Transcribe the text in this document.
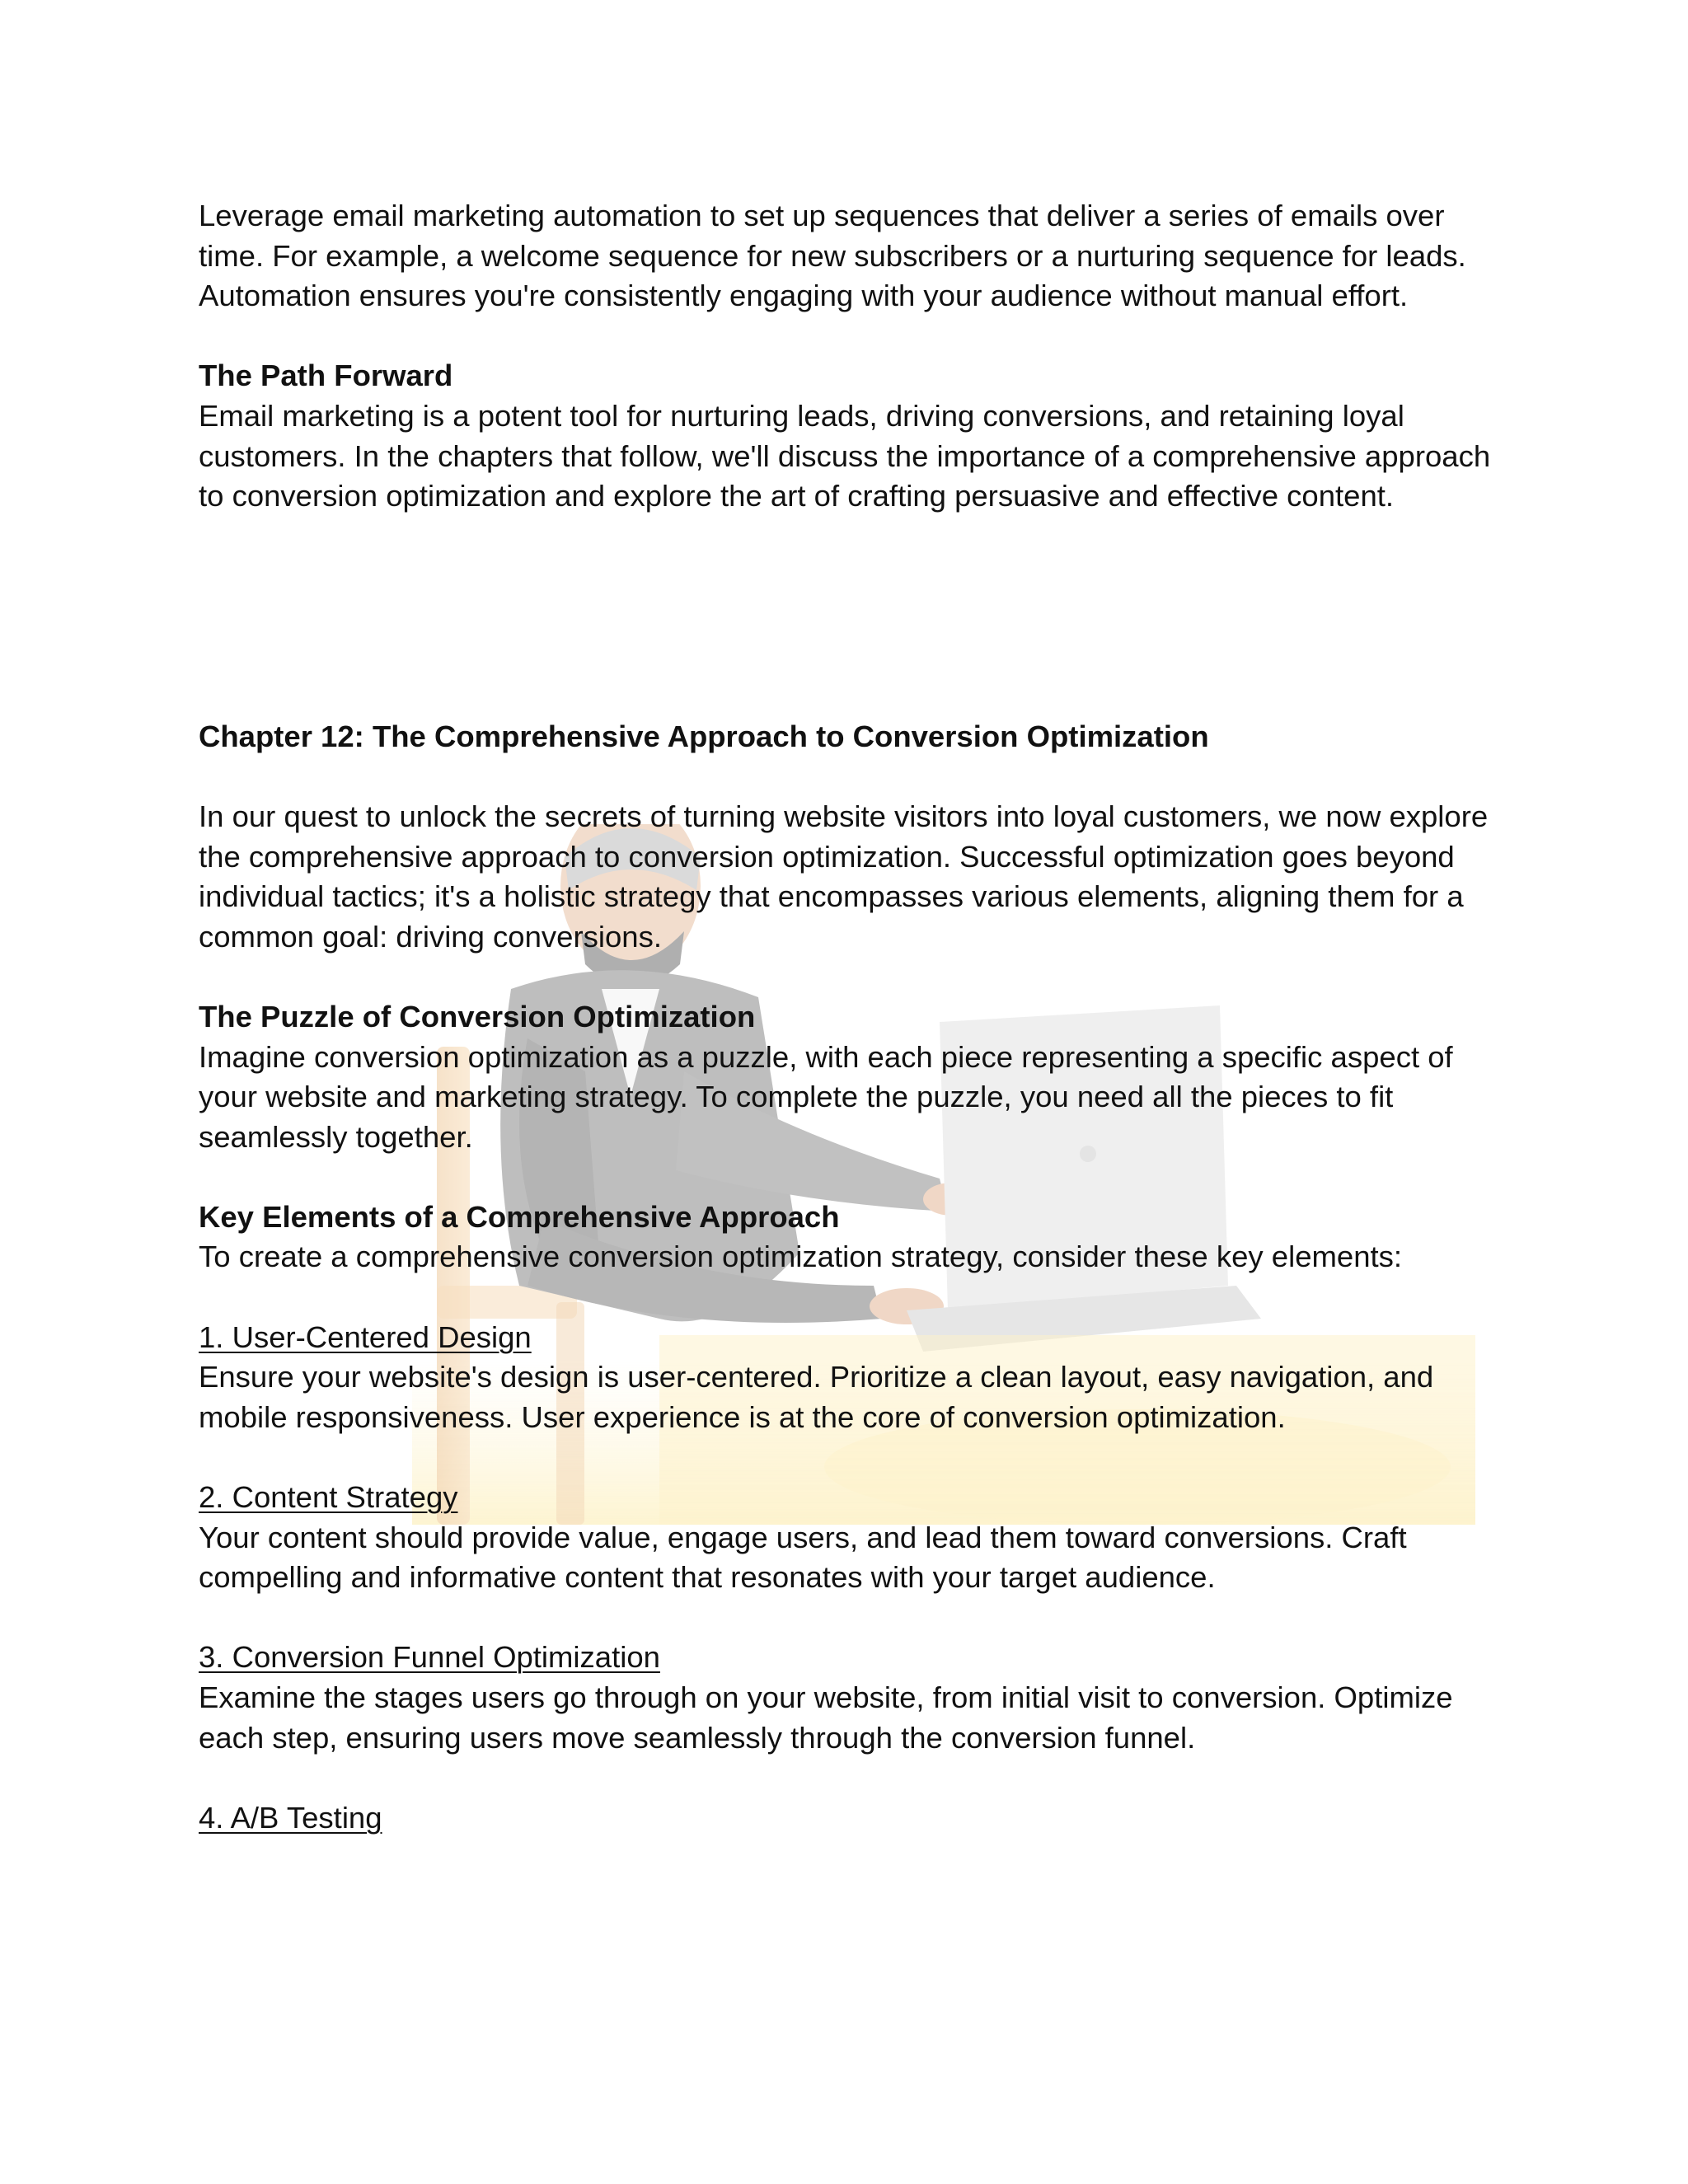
Leverage email marketing automation to set up sequences that deliver a series of emails over time. For example, a welcome sequence for new subscribers or a nurturing sequence for leads. Automation ensures you're consistently engaging with your audience without manual effort.

The Path Forward

Email marketing is a potent tool for nurturing leads, driving conversions, and retaining loyal customers. In the chapters that follow, we'll discuss the importance of a comprehensive approach to conversion optimization and explore the art of crafting persuasive and effective content.

Chapter 12: The Comprehensive Approach to Conversion Optimization

In our quest to unlock the secrets of turning website visitors into loyal customers, we now explore the comprehensive approach to conversion optimization. Successful optimization goes beyond individual tactics; it's a holistic strategy that encompasses various elements, aligning them for a common goal: driving conversions.

The Puzzle of Conversion Optimization

Imagine conversion optimization as a puzzle, with each piece representing a specific aspect of your website and marketing strategy. To complete the puzzle, you need all the pieces to fit seamlessly together.

Key Elements of a Comprehensive Approach

To create a comprehensive conversion optimization strategy, consider these key elements:

1. User-Centered Design

Ensure your website's design is user-centered. Prioritize a clean layout, easy navigation, and mobile responsiveness. User experience is at the core of conversion optimization.

2. Content Strategy

Your content should provide value, engage users, and lead them toward conversions. Craft compelling and informative content that resonates with your target audience.

3. Conversion Funnel Optimization

Examine the stages users go through on your website, from initial visit to conversion. Optimize each step, ensuring users move seamlessly through the conversion funnel.

4. A/B Testing
